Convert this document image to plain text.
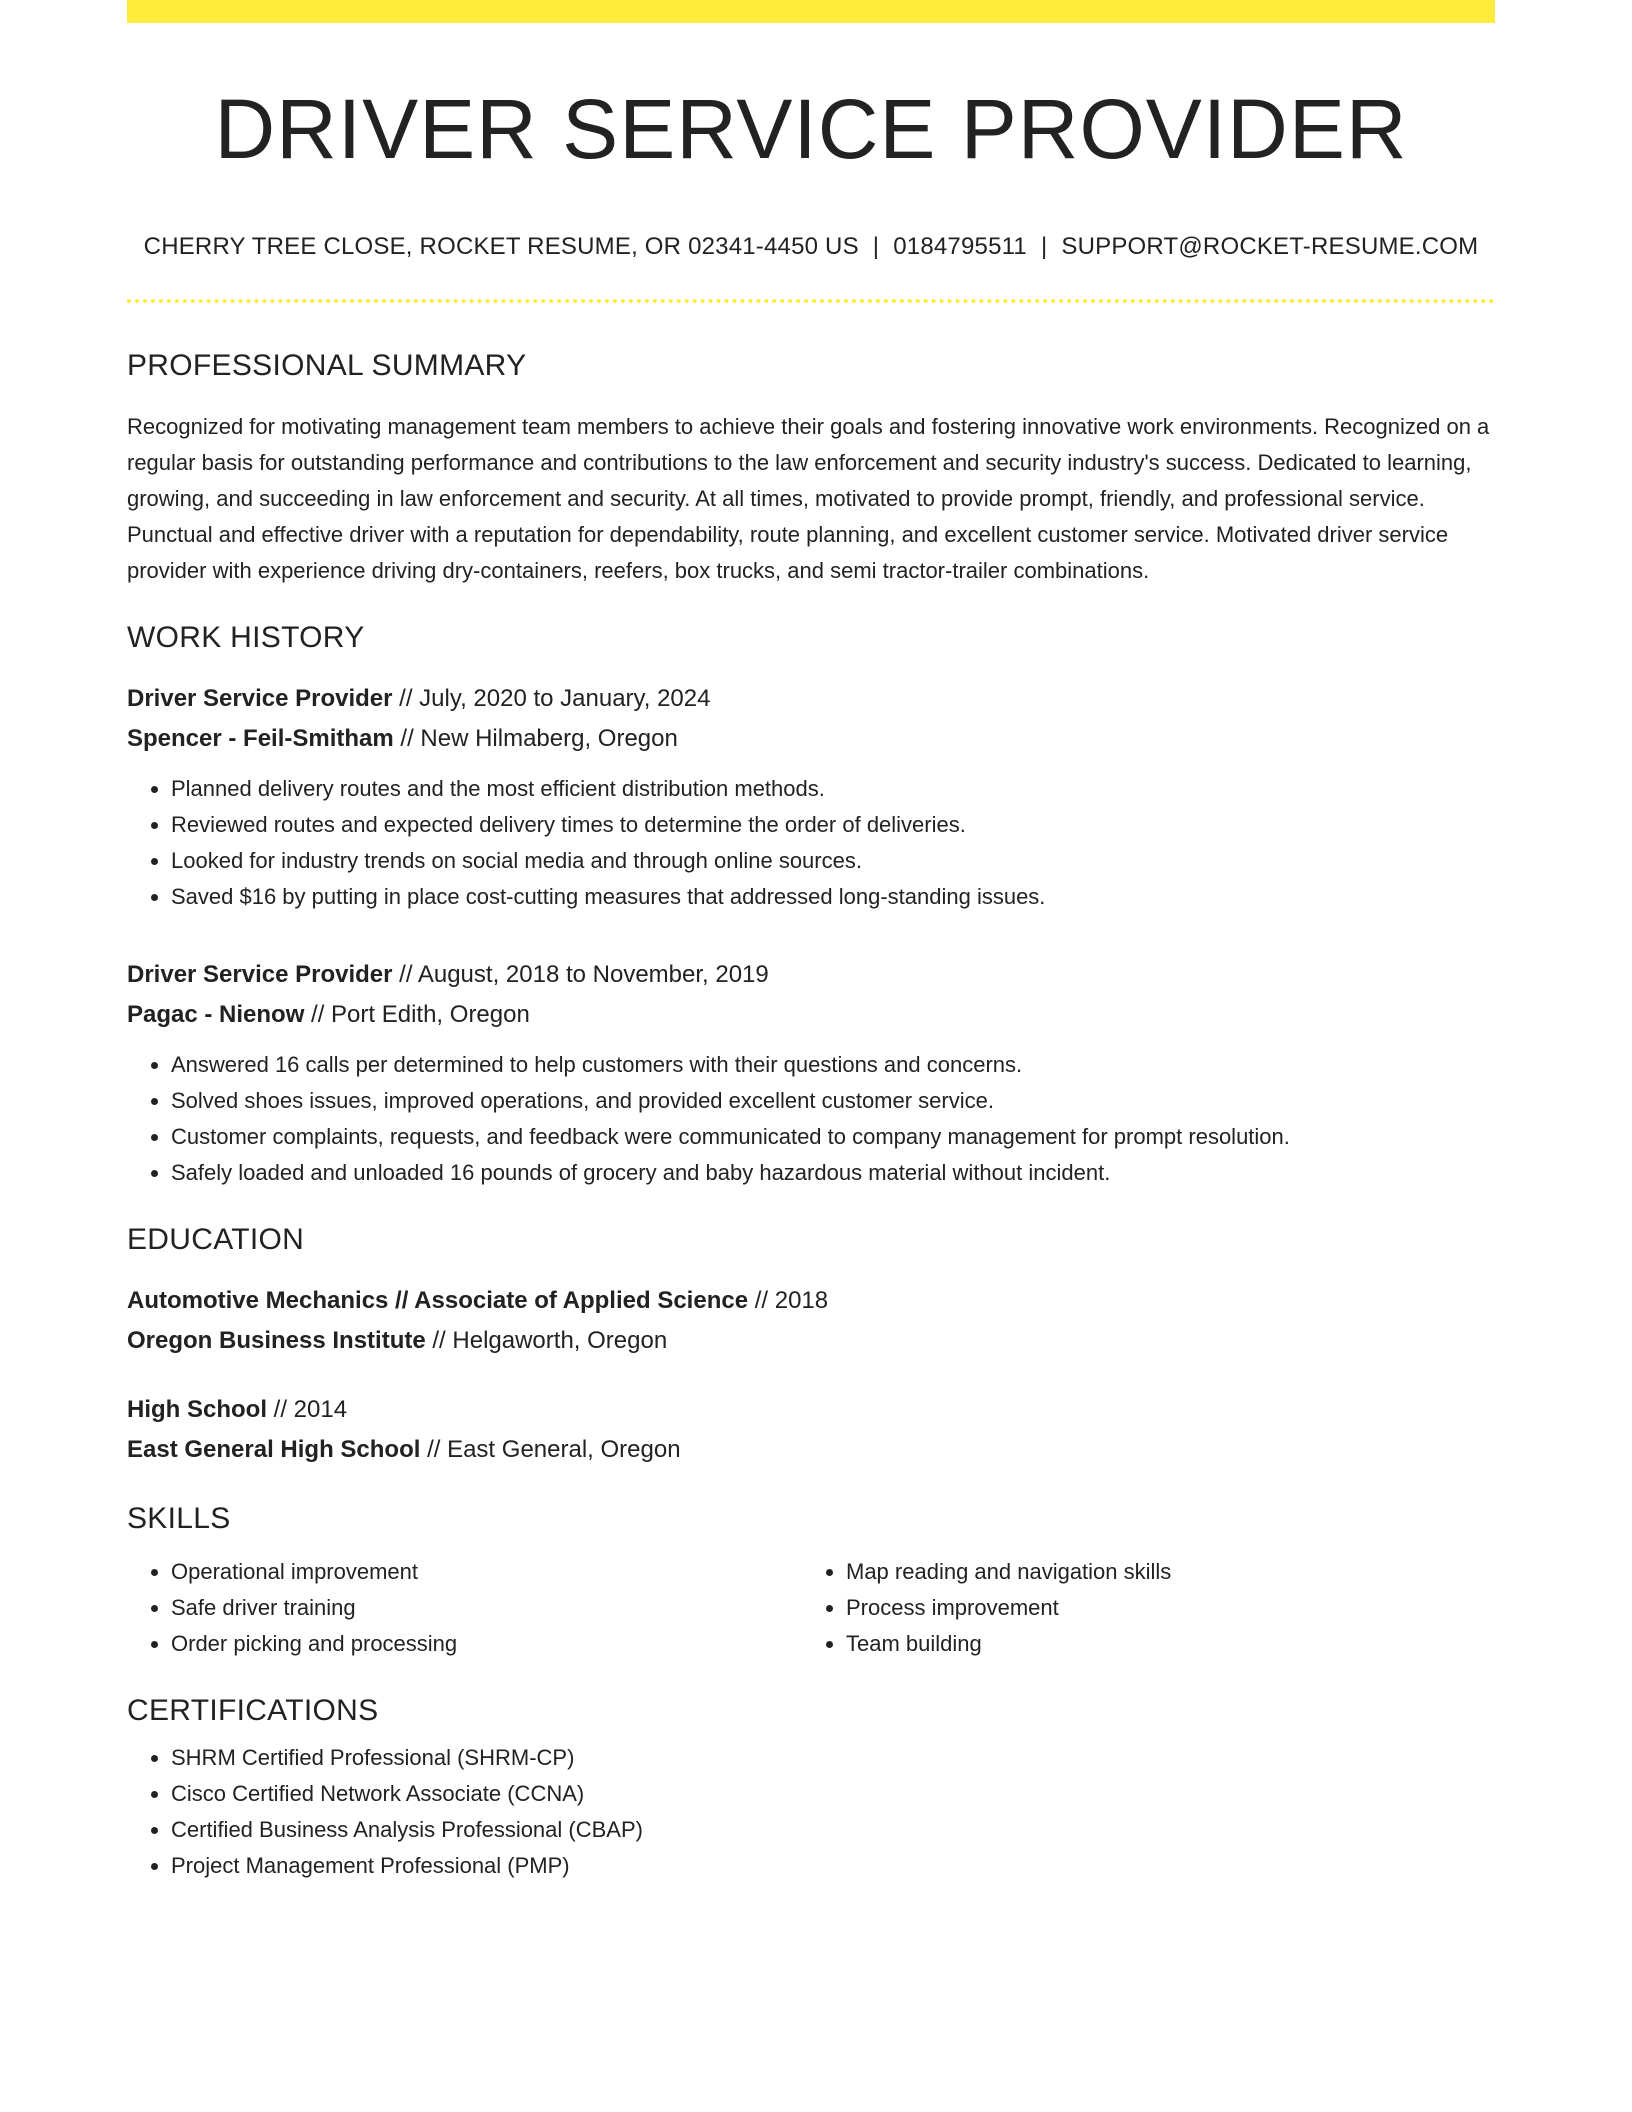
DRIVER SERVICE PROVIDER
CHERRY TREE CLOSE, ROCKET RESUME, OR 02341-4450 US | 0184795511 | SUPPORT@ROCKET-RESUME.COM
PROFESSIONAL SUMMARY
Recognized for motivating management team members to achieve their goals and fostering innovative work environments. Recognized on a regular basis for outstanding performance and contributions to the law enforcement and security industry's success. Dedicated to learning, growing, and succeeding in law enforcement and security. At all times, motivated to provide prompt, friendly, and professional service. Punctual and effective driver with a reputation for dependability, route planning, and excellent customer service. Motivated driver service provider with experience driving dry-containers, reefers, box trucks, and semi tractor-trailer combinations.
WORK HISTORY
Driver Service Provider // July, 2020 to January, 2024
Spencer - Feil-Smitham // New Hilmaberg, Oregon
• Planned delivery routes and the most efficient distribution methods.
• Reviewed routes and expected delivery times to determine the order of deliveries.
• Looked for industry trends on social media and through online sources.
• Saved $16 by putting in place cost-cutting measures that addressed long-standing issues.
Driver Service Provider // August, 2018 to November, 2019
Pagac - Nienow // Port Edith, Oregon
• Answered 16 calls per determined to help customers with their questions and concerns.
• Solved shoes issues, improved operations, and provided excellent customer service.
• Customer complaints, requests, and feedback were communicated to company management for prompt resolution.
• Safely loaded and unloaded 16 pounds of grocery and baby hazardous material without incident.
EDUCATION
Automotive Mechanics // Associate of Applied Science // 2018
Oregon Business Institute // Helgaworth, Oregon
High School // 2014
East General High School // East General, Oregon
SKILLS
• Operational improvement
• Safe driver training
• Order picking and processing
• Map reading and navigation skills
• Process improvement
• Team building
CERTIFICATIONS
• SHRM Certified Professional (SHRM-CP)
• Cisco Certified Network Associate (CCNA)
• Certified Business Analysis Professional (CBAP)
• Project Management Professional (PMP)
